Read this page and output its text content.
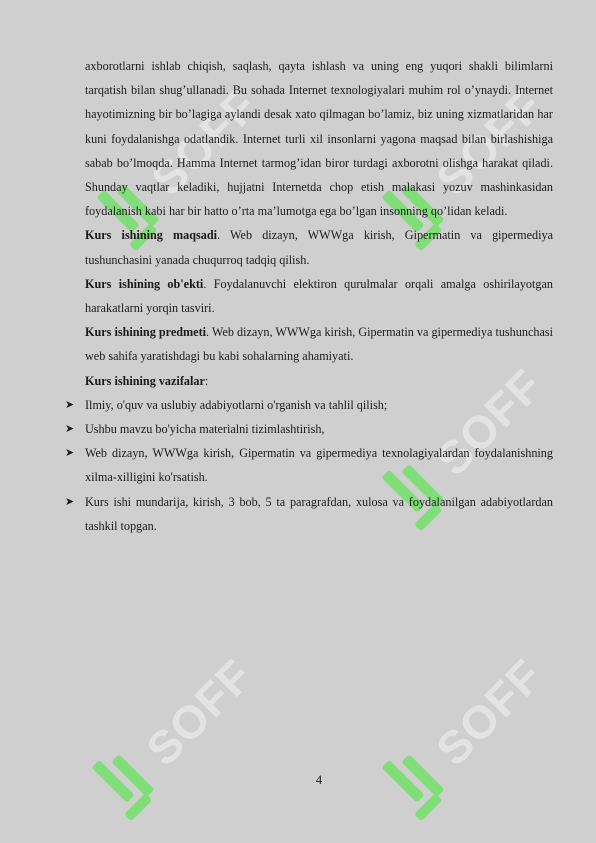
SOFF	SOFF
SOFF
SOFF	SOFF

axborotlarni ishlab chiqish, saqlash, qayta ishlash va uning eng yuqori shakli bilimlarni tarqatish bilan shug’ullanadi. Bu sohada Internet texnologiyalari muhim rol o’ynaydi. Internet hayotimizning bir bo’lagiga aylandi desak xato qilmagan bo’lamiz, biz uning xizmatlaridan har kuni foydalanishga odatlandik. Internet turli xil insonlarni yagona maqsad bilan birlashishiga sabab bo’lmoqda. Hamma Internet tarmog’idan biror turdagi axborotni olishga harakat qiladi. Shunday vaqtlar keladiki, hujjatni Internetda chop etish malakasi yozuv mashinkasidan foydalanish kabi har bir hatto o’rta ma’lumotga ega bo’lgan insonning qo’lidan keladi.

Kurs ishining maqsadi. Web dizayn, WWWga kirish, Gipermatin va gipermediya tushunchasini yanada chuqurroq tadqiq qilish.

Kurs ishining ob'ekti. Foydalanuvchi elektiron qurulmalar orqali amalga oshirilayotgan harakatlarni yorqin tasviri.

Kurs ishining predmeti. Web dizayn, WWWga kirish, Gipermatin va gipermediya tushunchasi web sahifa yaratishdagi bu kabi sohalarning ahamiyati.

Kurs ishining vazifalar:

➤ Ilmiy, o'quv va uslubiy adabiyotlarni o'rganish va tahlil qilish;
➤ Ushbu mavzu bo'yicha materialni tizimlashtirish,
➤ Web dizayn, WWWga kirish, Gipermatin va gipermediya texnolagiyalardan foydalanishning xilma-xilligini ko'rsatish.
➤ Kurs ishi mundarija, kirish, 3 bob, 5 ta paragrafdan, xulosa va foydalanilgan adabiyotlardan tashkil topgan.
4
